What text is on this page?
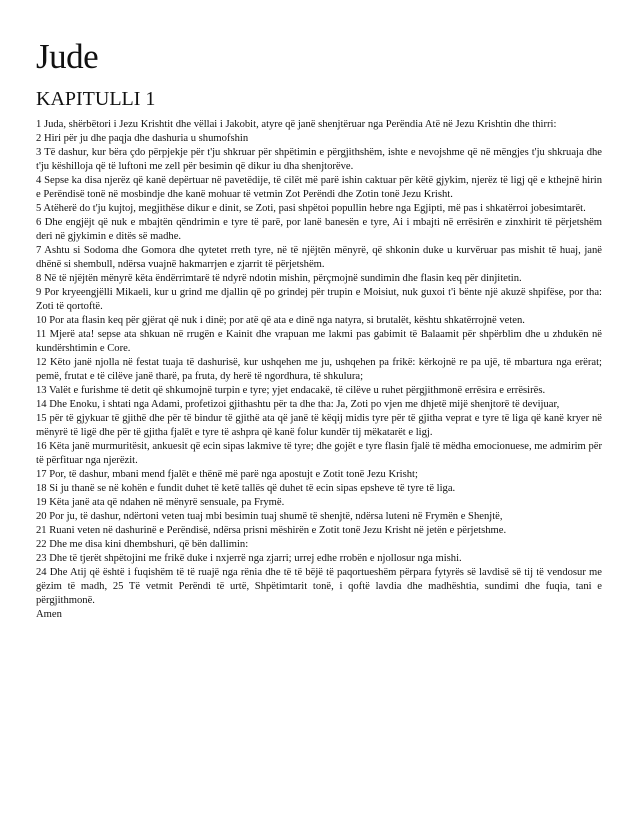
Jude
KAPITULLI 1

1 Juda, shërbëtori i Jezu Krishtit dhe vëllai i Jakobit, atyre që janë shenjtëruar nga Perëndia Atë në Jezu Krishtin dhe thirri:

2 Hiri për ju dhe paqja dhe dashuria u shumofshin

3 Të dashur, kur bëra çdo përpjekje për t'ju shkruar për shpëtimin e përgjithshëm, ishte e nevojshme që në mëngjes t'ju shkruaja dhe t'ju këshilloja që të luftoni me zell për besimin që dikur iu dha shenjtorëve.

4 Sepse ka disa njerëz që kanë depërtuar në pavetëdije, të cilët më parë ishin caktuar për këtë gjykim, njerëz të ligj që e kthejnë hirin e Perëndisë tonë në mosbindje dhe kanë mohuar të vetmin Zot Perëndi dhe Zotin tonë Jezu Krisht.

5 Atëherë do t'ju kujtoj, megjithëse dikur e dinit, se Zoti, pasi shpëtoi popullin hebre nga Egjipti, më pas i shkatërroi jobesimtarët.

6 Dhe engjëjt që nuk e mbajtën qëndrimin e tyre të parë, por lanë banesën e tyre, Ai i mbajti në errësirën e zinxhirit të përjetshëm deri në gjykimin e ditës së madhe.

7 Ashtu si Sodoma dhe Gomora dhe qytetet rreth tyre, në të njëjtën mënyrë, që shkonin duke u kurvëruar pas mishit të huaj, janë dhënë si shembull, ndërsa vuajnë hakmarrjen e zjarrit të përjetshëm.

8 Në të njëjtën mënyrë këta ëndërrimtarë të ndyrë ndotin mishin, përçmojnë sundimin dhe flasin keq për dinjitetin.

9 Por kryeengjëlli Mikaeli, kur u grind me djallin që po grindej për trupin e Moisiut, nuk guxoi t'i bënte një akuzë shpifëse, por tha: Zoti të qortoftë.

10 Por ata flasin keq për gjërat që nuk i dinë; por atë që ata e dinë nga natyra, si brutalët, kështu shkatërrojnë veten.

11 Mjerë ata! sepse ata shkuan në rrugën e Kainit dhe vrapuan me lakmi pas gabimit të Balaamit për shpërblim dhe u zhdukën në kundërshtimin e Core.

12 Këto janë njolla në festat tuaja të dashurisë, kur ushqehen me ju, ushqehen pa frikë: kërkojnë re pa ujë, të mbartura nga erërat; pemë, frutat e të cilëve janë tharë, pa fruta, dy herë të ngordhura, të shkulura;

13 Valët e furishme të detit që shkumojnë turpin e tyre; yjet endacakë, të cilëve u ruhet përgjithmonë errësira e errësirës.

14 Dhe Enoku, i shtati nga Adami, profetizoi gjithashtu për ta dhe tha: Ja, Zoti po vjen me dhjetë mijë shenjtorë të devijuar,

15 për të gjykuar të gjithë dhe për të bindur të gjithë ata që janë të këqij midis tyre për të gjitha veprat e tyre të liga që kanë kryer në mënyrë të ligë dhe për të gjitha fjalët e tyre të ashpra që kanë folur kundër tij mëkatarët e ligj.

16 Këta janë murmuritësit, ankuesit që ecin sipas lakmive të tyre; dhe gojët e tyre flasin fjalë të mëdha emocionuese, me admirim për të përfituar nga njerëzit.

17 Por, të dashur, mbani mend fjalët e thënë më parë nga apostujt e Zotit tonë Jezu Krisht;

18 Si ju thanë se në kohën e fundit duhet të ketë tallës që duhet të ecin sipas epsheve të tyre të liga.

19 Këta janë ata që ndahen në mënyrë sensuale, pa Frymë.

20 Por ju, të dashur, ndërtoni veten tuaj mbi besimin tuaj shumë të shenjtë, ndërsa luteni në Frymën e Shenjtë,

21 Ruani veten në dashurinë e Perëndisë, ndërsa prisni mëshirën e Zotit tonë Jezu Krisht në jetën e përjetshme.

22 Dhe me disa kini dhembshuri, që bën dallimin:

23 Dhe të tjerët shpëtojini me frikë duke i nxjerrë nga zjarri; urrej edhe rrobën e njollosur nga mishi.

24 Dhe Atij që është i fuqishëm të të ruajë nga rënia dhe të të bëjë të paqortueshëm përpara fytyrës së lavdisë së tij të vendosur me gëzim të madh, 25 Të vetmit Perëndi të urtë, Shpëtimtarit tonë, i qoftë lavdia dhe madhështia, sundimi dhe fuqia, tani e përgjithmonë.

Amen
